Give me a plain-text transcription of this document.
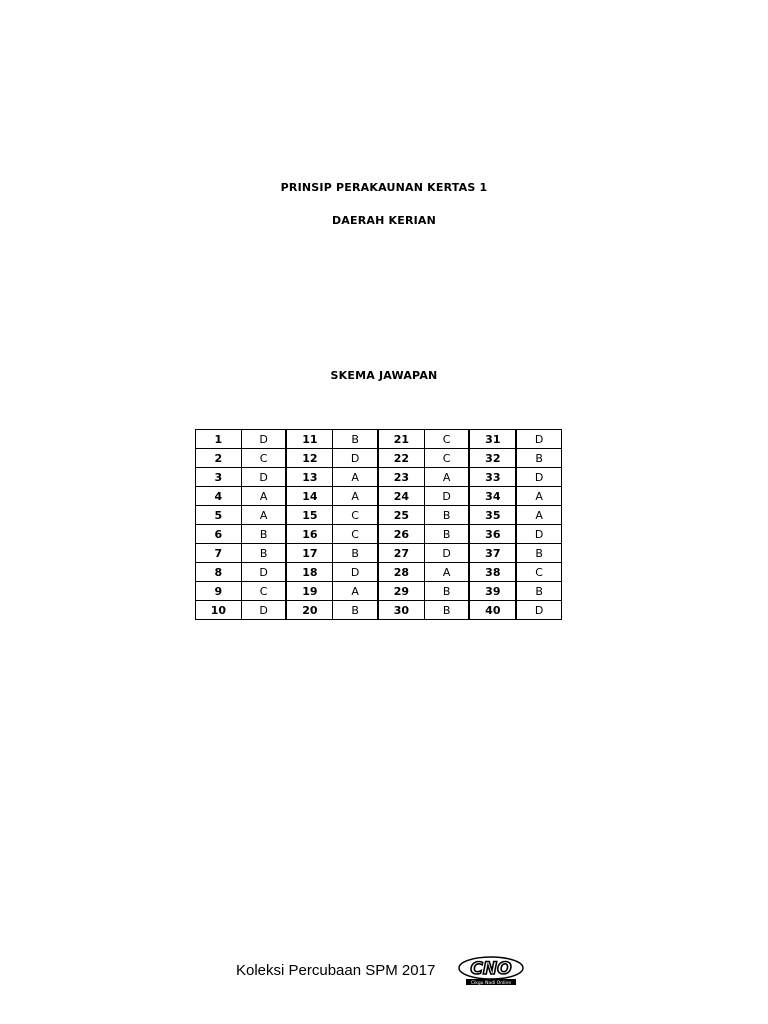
PRINSIP PERAKAUNAN KERTAS 1
DAERAH KERIAN
SKEMA JAWAPAN
1	D	11	B	21	C	31	D
2	C	12	D	22	C	32	B
3	D	13	A	23	A	33	D
4	A	14	A	24	D	34	A
5	A	15	C	25	B	35	A
6	B	16	C	26	B	36	D
7	B	17	B	27	D	37	B
8	D	18	D	28	A	38	C
9	C	19	A	29	B	39	B
10	D	20	B	30	B	40	D
Koleksi Percubaan SPM 2017 CNO
Cikgu Nadi Online
